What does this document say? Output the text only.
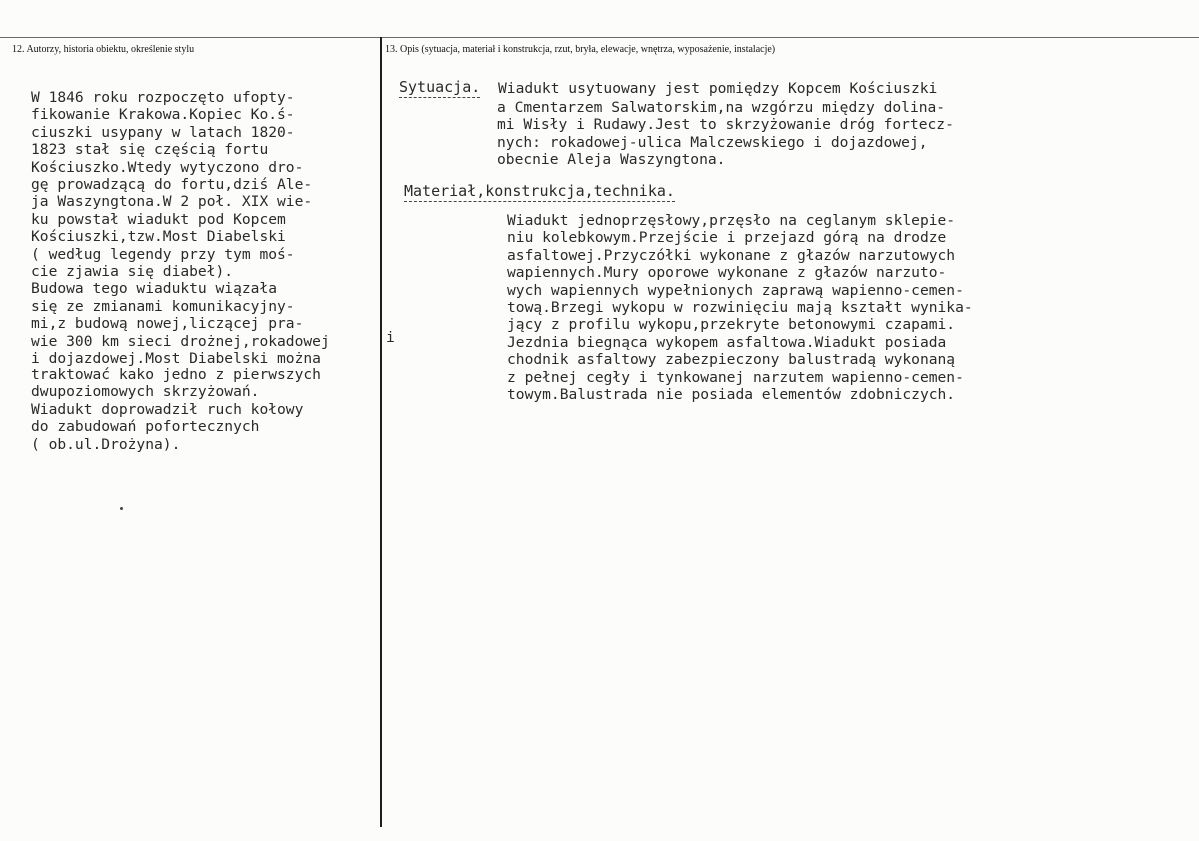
12. Autorzy, historia obiektu, określenie stylu	13. Opis (sytuacja, materiał i konstrukcja, rzut, bryła, elewacje, wnętrza, wyposażenie, instalacje)
W 1846 roku rozpoczęto ufорty-
fikowanie Krakowa.Kopiec Ko.ś-
ciuszki usypany w latach 1820-
1823 stał się częścią fortu
Kościuszko.Wtedy wytyczono dro-
gę prowadzącą do fortu,dziś Ale-
ja Waszyngtona.W 2 poł. XIX wie-
ku powstał wiadukt pod Kopcem
Kościuszki,tzw.Most Diabelski
( według legendy przy tym moś-
cie zjawia się diabeł).
Budowa tego wiaduktu wiązała
się ze zmianami komunikacyjny-
mi,z budową nowej,liczącej pra-
wie 300 km sieci drożnej,rokadowej
i dojazdowej.Most Diabelski można
traktować kako jedno z pierwszych
dwupoziomowych skrzyżowań.
Wiadukt doprowadził ruch kołowy
do zabudowań pofortecznych
( ob.ul.Drożyna).
i
Sytuacja. Wiadukt usytuowany jest pomiędzy Kopcem Kościuszki
a Cmentarzem Salwatorskim,na wzgórzu między dolina-
mi Wisły i Rudawy.Jest to skrzyżowanie dróg fortecz-
nych: rokadowej-ulica Malczewskiego i dojazdowej,
obecnie Aleja Waszyngtona.
Materiał,konstrukcja,technika.
Wiadukt jednoprzęsłowy,przęsło na ceglanym sklepie-
niu kolebkowym.Przejście i przejazd górą na drodze
asfaltowej.Przyczółki wykonane z głazów narzutowych
wapiennych.Mury oporowe wykonane z głazów narzuto-
wych wapiennych wypełnionych zaprawą wapienno-cemen-
tową.Brzegi wykopu w rozwinięciu mają kształt wynika-
jący z profilu wykopu,przekryte betonowymi czapami.
Jezdnia biegnąca wykopem asfaltowa.Wiadukt posiada
chodnik asfaltowy zabezpieczony balustradą wykonaną
z pełnej cegły i tynkowanej narzutem wapienno-cemen-
towym.Balustrada nie posiada elementów zdobniczych.
